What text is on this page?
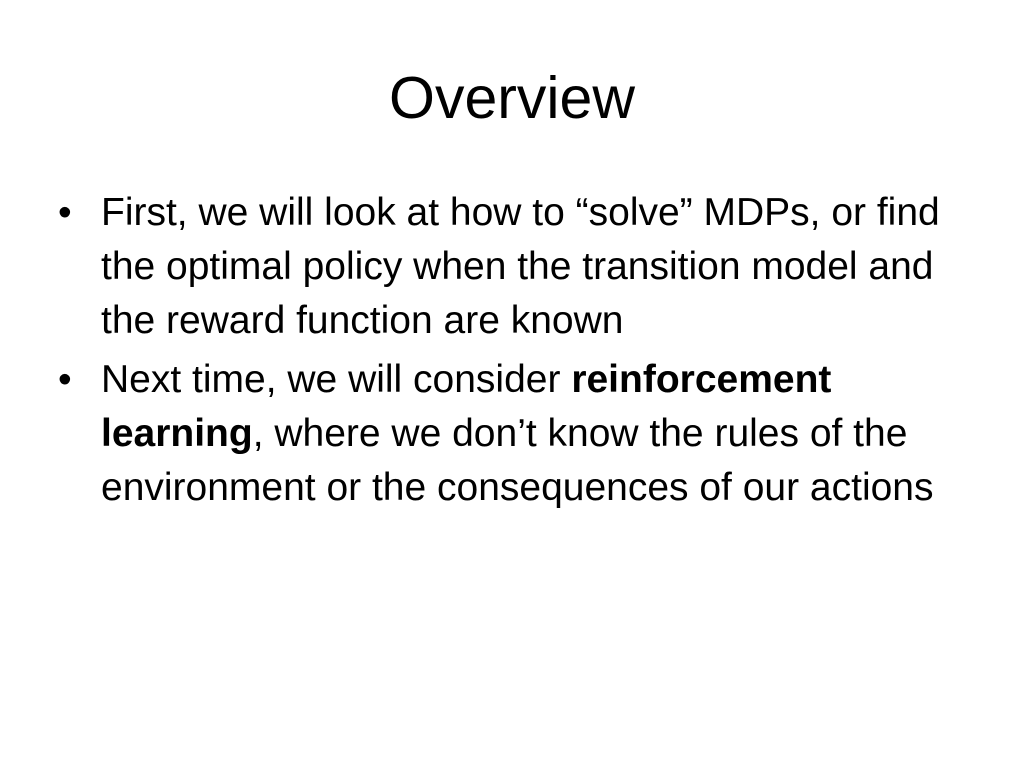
Overview
• First, we will look at how to “solve” MDPs, or find the optimal policy when the transition model and the reward function are known
• Next time, we will consider reinforcement learning, where we don’t know the rules of the environment or the consequences of our actions
